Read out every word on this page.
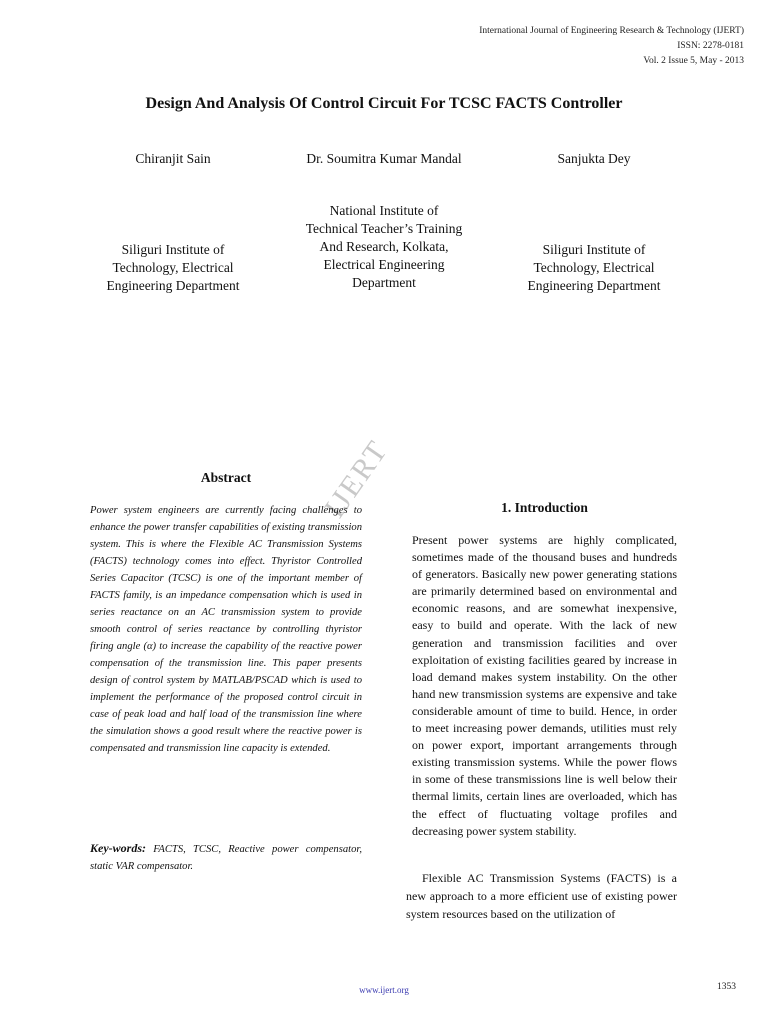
International Journal of Engineering Research & Technology (IJERT)
ISSN: 2278-0181
Vol. 2 Issue 5, May - 2013
Design And Analysis Of Control Circuit For TCSC FACTS Controller
Chiranjit Sain
Siliguri Institute of Technology, Electrical Engineering Department
Dr. Soumitra Kumar Mandal
National Institute of Technical Teacher’s Training And Research, Kolkata, Electrical Engineering Department
Sanjukta Dey
Siliguri Institute of Technology, Electrical Engineering Department
IJERT
Abstract

Power system engineers are currently facing challenges to enhance the power transfer capabilities of existing transmission system. This is where the Flexible AC Transmission Systems (FACTS) technology comes into effect. Thyristor Controlled Series Capacitor (TCSC) is one of the important member of FACTS family, is an impedance compensation which is used in series reactance on an AC transmission system to provide smooth control of series reactance by controlling thyristor firing angle (α) to increase the capability of the reactive power compensation of the transmission line. This paper presents design of control system by MATLAB/PSCAD which is used to implement the performance of the proposed control circuit in case of peak load and half load of the transmission line where the simulation shows a good result where the reactive power is compensated and transmission line capacity is extended.

Key-words: FACTS, TCSC, Reactive power compensator, static VAR compensator.

1. Introduction

Present power systems are highly complicated, sometimes made of the thousand buses and hundreds of generators. Basically new power generating stations are primarily determined based on environmental and economic reasons, and are somewhat inexpensive, easy to build and operate. With the lack of new generation and transmission facilities and over exploitation of existing facilities geared by increase in load demand makes system instability. On the other hand new transmission systems are expensive and take considerable amount of time to build. Hence, in order to meet increasing power demands, utilities must rely on power export, important arrangements through existing transmission systems. While the power flows in some of these transmissions line is well below their thermal limits, certain lines are overloaded, which has the effect of fluctuating voltage profiles and decreasing power system stability.

Flexible AC Transmission Systems (FACTS) is a new approach to a more efficient use of existing power system resources based on the utilization of

www.ijert.org	1353
